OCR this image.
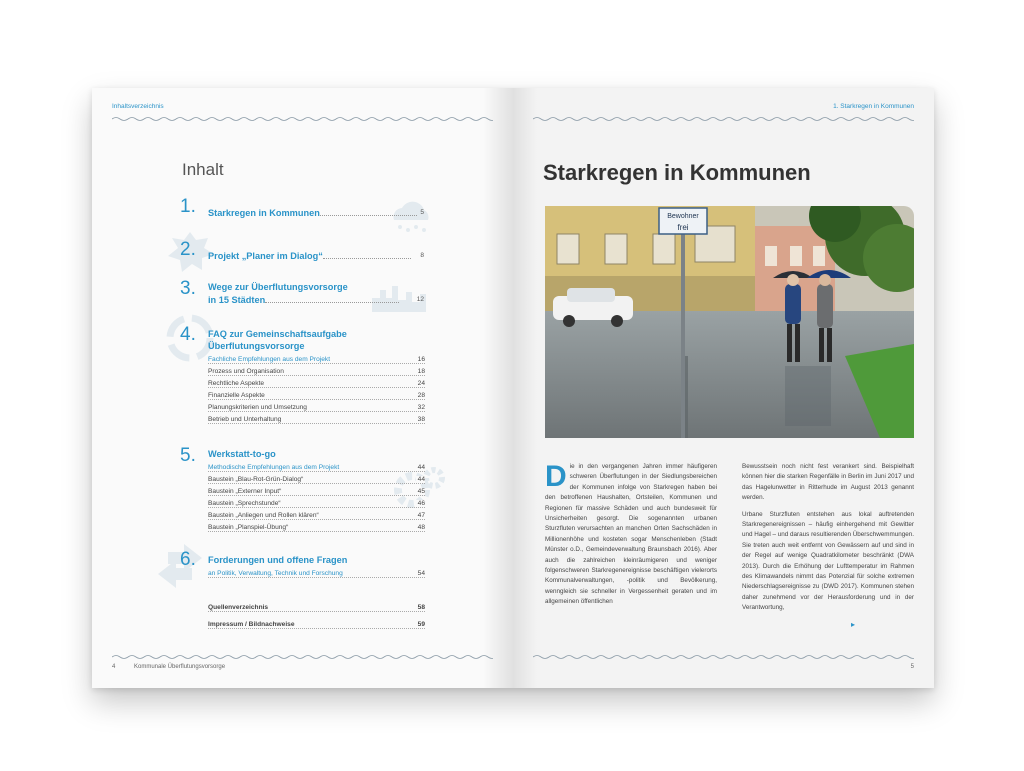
Inhaltsverzeichnis
Inhalt
1.	Starkregen in Kommunen	5
2.	Projekt „Planer im Dialog“	8
3.	Wege zur Überflutungsvorsorge
in 15 Städten	12
4.	FAQ zur Gemeinschaftsaufgabe
Überflutungsvorsorge
Fachliche Empfehlungen aus dem Projekt	16
Prozess und Organisation	18
Rechtliche Aspekte	24
Finanzielle Aspekte	28
Planungskriterien und Umsetzung	32
Betrieb und Unterhaltung	38
5.	Werkstatt-to-go
Methodische Empfehlungen aus dem Projekt	44
Baustein „Blau-Rot-Grün-Dialog“	44
Baustein „Externer Input“	45
Baustein „Sprechstunde“	46
Baustein „Anliegen und Rollen klären“	47
Baustein „Planspiel-Übung“	48
6.	Forderungen und offene Fragen
an Politik, Verwaltung, Technik und Forschung	54
Quellenverzeichnis	58
Impressum / Bildnachweise	59
4	Kommunale Überflutungsvorsorge
1. Starkregen in Kommunen
Starkregen in Kommunen
Bewohner
frei

Die in den vergangenen Jahren immer häufigeren schweren Überflutungen in der Siedlungsbereichen der Kommunen infolge von Starkregen haben bei den betroffenen Haushalten, Ortsteilen, Kommunen und Regionen für massive Schäden und auch bundesweit für Unsicherheiten gesorgt. Die sogenannten urbanen Sturzfluten verursachten an manchen Orten Sachschäden in Millionenhöhe und kosteten sogar Menschenleben (Stadt Münster o.D., Gemeindeverwaltung Braunsbach 2016). Aber auch die zahlreichen kleinräumigeren und weniger folgenschweren Starkregenereignisse beschäftigen vielerorts Kommunalverwaltungen, -politik und Bevölkerung, wenngleich sie schneller in Vergessenheit geraten und im allgemeinen öffentlichen

Bewusstsein noch nicht fest verankert sind. Beispielhaft können hier die starken Regenfälle in Berlin im Juni 2017 und das Hagelunwetter in Ritterhude im August 2013 genannt werden.

Urbane Sturzfluten entstehen aus lokal auftretenden Starkregenereignissen – häufig einhergehend mit Gewitter und Hagel – und daraus resultierenden Überschwemmungen. Sie treten auch weit entfernt von Gewässern auf und sind in der Regel auf wenige Quadratkilometer beschränkt (DWA 2013). Durch die Erhöhung der Lufttemperatur im Rahmen des Klimawandels nimmt das Potenzial für solche extremen Niederschlagsereignisse zu (DWD 2017). Kommunen stehen daher zunehmend vor der Herausforderung und in der Verantwortung,

▸
5
